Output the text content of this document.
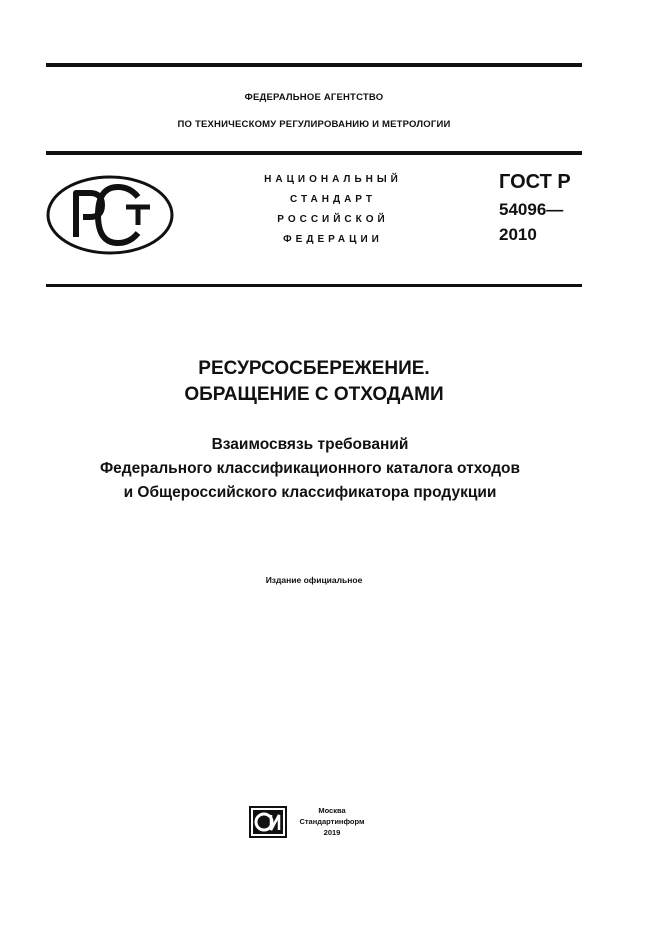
ФЕДЕРАЛЬНОЕ АГЕНТСТВО
ПО ТЕХНИЧЕСКОМУ РЕГУЛИРОВАНИЮ И МЕТРОЛОГИИ
НАЦИОНАЛЬНЫЙ
СТАНДАРТ
РОССИЙСКОЙ
ФЕДЕРАЦИИ
ГОСТ Р
54096—
2010
РЕСУРСОСБЕРЕЖЕНИЕ.
ОБРАЩЕНИЕ С ОТХОДАМИ
Взаимосвязь требований
Федерального классификационного каталога отходов
и Общероссийского классификатора продукции
Издание официальное
Москва
Стандартинформ
2019
